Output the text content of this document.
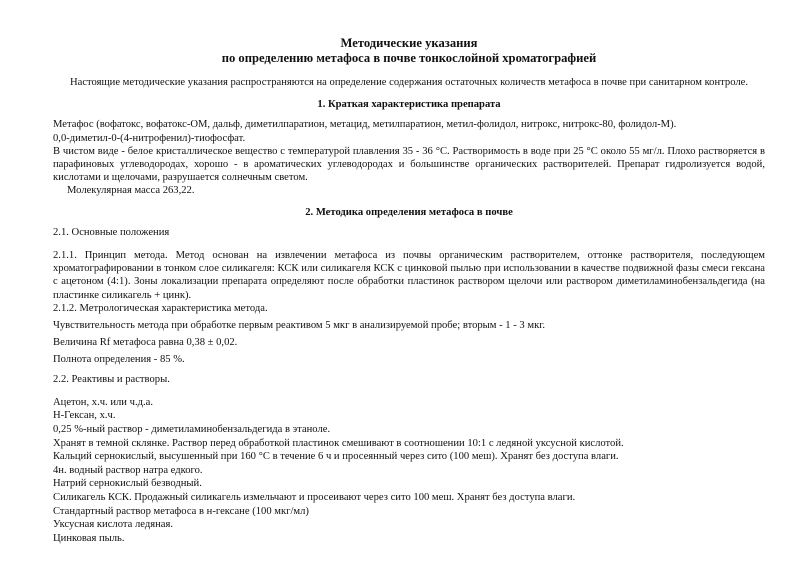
Методические указания
по определению метафоса в почве тонкослойной хроматографией
Настоящие методические указания распространяются на определение содержания остаточных количеств метафоса в почве при санитарном контроле.
1. Краткая характеристика препарата
Метафос (вофатокс, вофатокс-ОМ, дальф, диметилпаратион, метацид, метилпаратион, метил-фолидол, нитрокс, нитрокс-80, фолидол-М).
0,0-диметил-0-(4-нитрофенил)-тиофосфат.
В чистом виде - белое кристаллическое вещество с температурой плавления 35 - 36 °С. Растворимость в воде при 25 °С около 55 мг/л. Плохо растворяется в парафиновых углеводородах, хорошо - в ароматических углеводородах и большинстве органических растворителей. Препарат гидролизуется водой, кислотами и щелочами, разрушается солнечным светом.
Молекулярная масса 263,22.
2. Методика определения метафоса в почве
2.1. Основные положения
2.1.1. Принцип метода. Метод основан на извлечении метафоса из почвы органическим растворителем, оттонке растворителя, последующем хроматографировании в тонком слое силикагеля: КСК или силикагеля КСК с цинковой пылью при использовании в качестве подвижной фазы смеси гексана с ацетоном (4:1). Зоны локализации препарата определяют после обработки пластинок раствором щелочи или раствором диметиламинобензальдегида (на пластинке силикагель + цинк).
2.1.2. Метрологическая характеристика метода.
Чувствительность метода при обработке первым реактивом 5 мкг в анализируемой пробе; вторым - 1 - 3 мкг.
Величина Rf метафоса равна 0,38 ± 0,02.
Полнота определения - 85 %.
2.2. Реактивы и растворы.
Ацетон, х.ч. или ч.д.а.
Н-Гексан, х.ч.
0,25 %-ный раствор - диметиламинобензальдегида в этаноле.
Хранят в темной склянке. Раствор перед обработкой пластинок смешивают в соотношении 10:1 с ледяной уксусной кислотой.
Кальций сернокислый, высушенный при 160 °С в течение 6 ч и просеянный через сито (100 меш). Хранят без доступа влаги.
4н. водный раствор натра едкого.
Натрий сернокислый безводный.
Силикагель КСК. Продажный силикагель измельчают и просеивают через сито 100 меш. Хранят без доступа влаги.
Стандартный раствор метафоса в н-гексане (100 мкг/мл)
Уксусная кислота ледяная.
Цинковая пыль.
